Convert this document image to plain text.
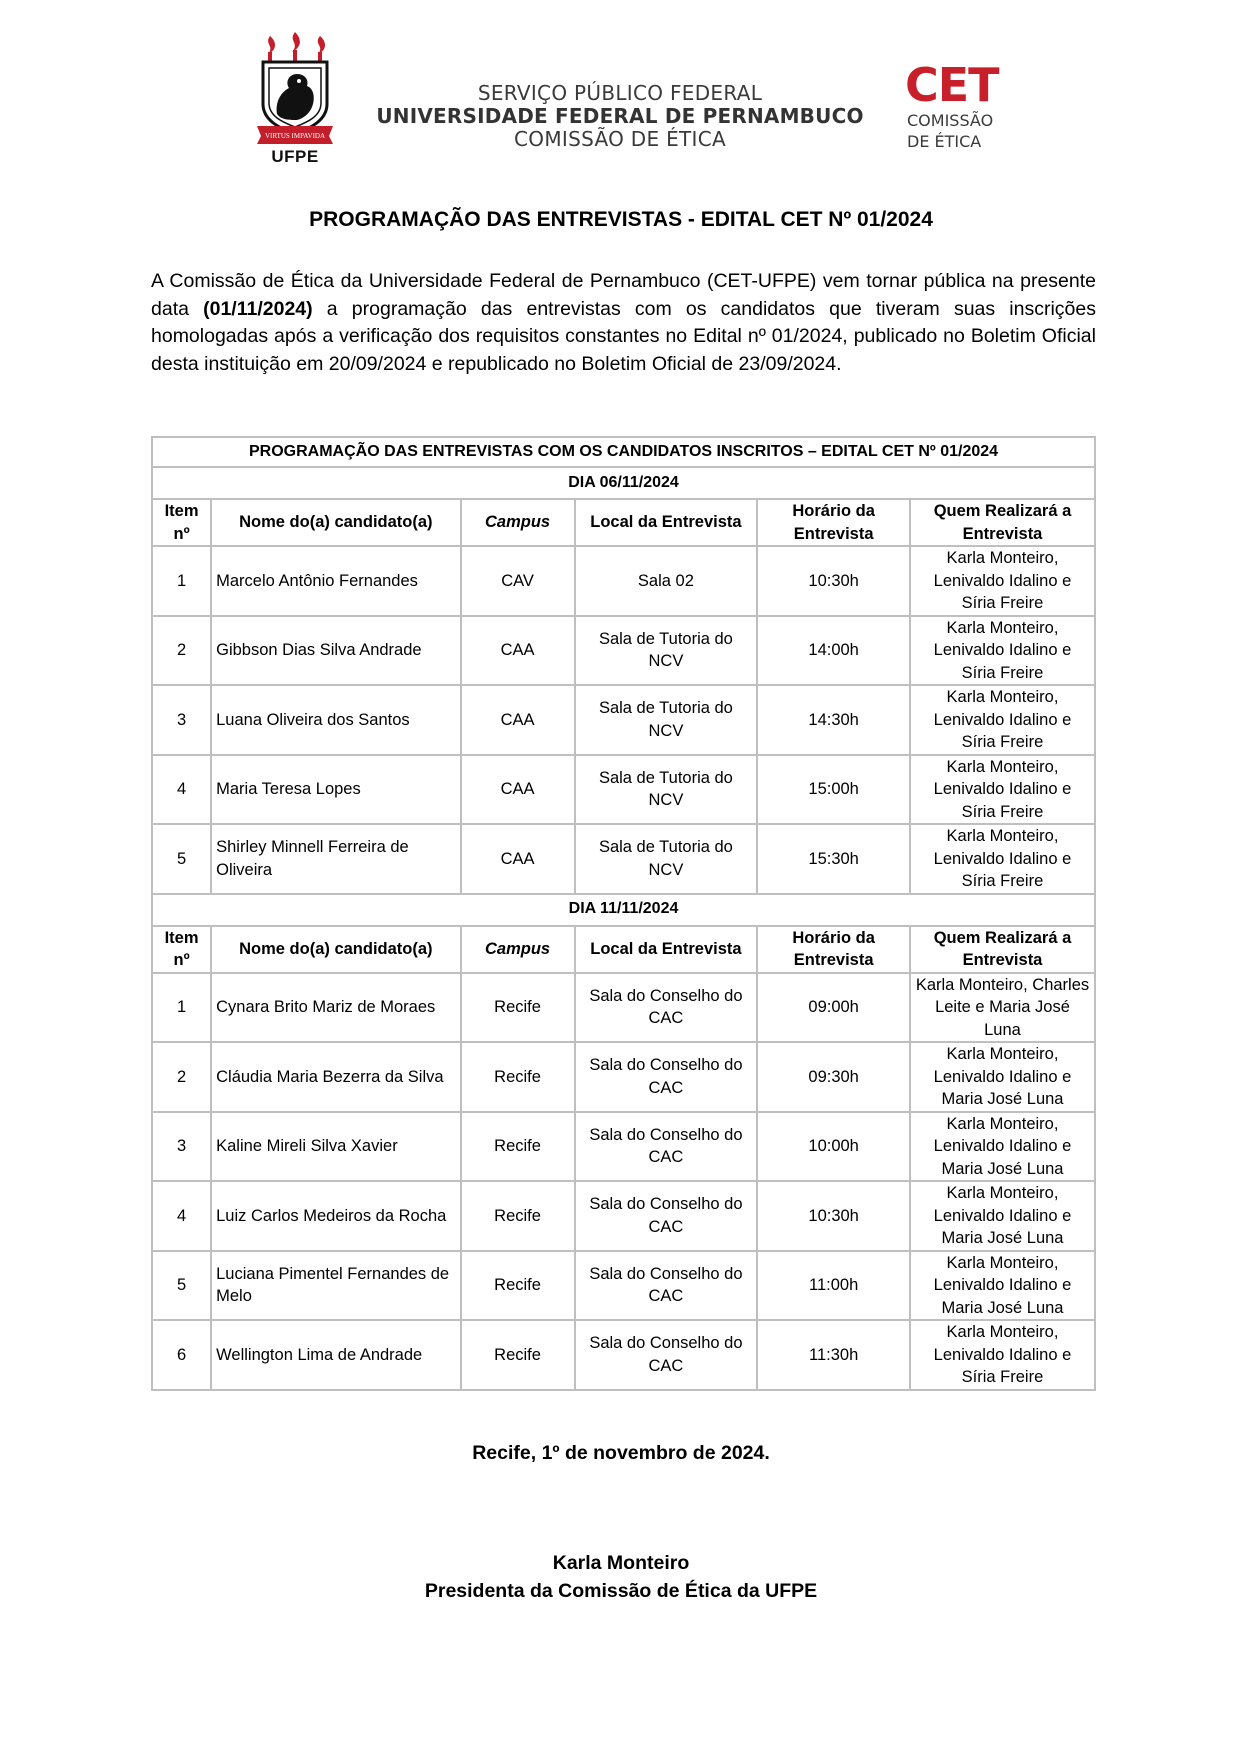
VIRTUS IMPAVIDA
UFPE
SERVIÇO PÚBLICO FEDERAL
UNIVERSIDADE FEDERAL DE PERNAMBUCO
COMISSÃO DE ÉTICA
CET
COMISSÃO
DE ÉTICA
PROGRAMAÇÃO DAS ENTREVISTAS - EDITAL CET Nº 01/2024
A Comissão de Ética da Universidade Federal de Pernambuco (CET-UFPE) vem tornar pública na presente data (01/11/2024) a programação das entrevistas com os candidatos que tiveram suas inscrições homologadas após a verificação dos requisitos constantes no Edital nº 01/2024, publicado no Boletim Oficial desta instituição em 20/09/2024 e republicado no Boletim Oficial de 23/09/2024.
PROGRAMAÇÃO DAS ENTREVISTAS COM OS CANDIDATOS INSCRITOS – EDITAL CET Nº 01/2024					
DIA 06/11/2024					
Item nº	Nome do(a) candidato(a)	Campus	Local da Entrevista	Horário da Entrevista	Quem Realizará a Entrevista
1	Marcelo Antônio Fernandes	CAV	Sala 02	10:30h	Karla Monteiro, Lenivaldo Idalino e Síria Freire
2	Gibbson Dias Silva Andrade	CAA	Sala de Tutoria do NCV	14:00h	Karla Monteiro, Lenivaldo Idalino e Síria Freire
3	Luana Oliveira dos Santos	CAA	Sala de Tutoria do NCV	14:30h	Karla Monteiro, Lenivaldo Idalino e Síria Freire
4	Maria Teresa Lopes	CAA	Sala de Tutoria do NCV	15:00h	Karla Monteiro, Lenivaldo Idalino e Síria Freire
5	Shirley Minnell Ferreira de Oliveira	CAA	Sala de Tutoria do NCV	15:30h	Karla Monteiro, Lenivaldo Idalino e Síria Freire
DIA 11/11/2024					
Item nº	Nome do(a) candidato(a)	Campus	Local da Entrevista	Horário da Entrevista	Quem Realizará a Entrevista
1	Cynara Brito Mariz de Moraes	Recife	Sala do Conselho do CAC	09:00h	Karla Monteiro, Charles Leite e Maria José Luna
2	Cláudia Maria Bezerra da Silva	Recife	Sala do Conselho do CAC	09:30h	Karla Monteiro, Lenivaldo Idalino e Maria José Luna
3	Kaline Mireli Silva Xavier	Recife	Sala do Conselho do CAC	10:00h	Karla Monteiro, Lenivaldo Idalino e Maria José Luna
4	Luiz Carlos Medeiros da Rocha	Recife	Sala do Conselho do CAC	10:30h	Karla Monteiro, Lenivaldo Idalino e Maria José Luna
5	Luciana Pimentel Fernandes de Melo	Recife	Sala do Conselho do CAC	11:00h	Karla Monteiro, Lenivaldo Idalino e Maria José Luna
6	Wellington Lima de Andrade	Recife	Sala do Conselho do CAC	11:30h	Karla Monteiro, Lenivaldo Idalino e Síria Freire
Recife, 1º de novembro de 2024.
Karla Monteiro
Presidenta da Comissão de Ética da UFPE
